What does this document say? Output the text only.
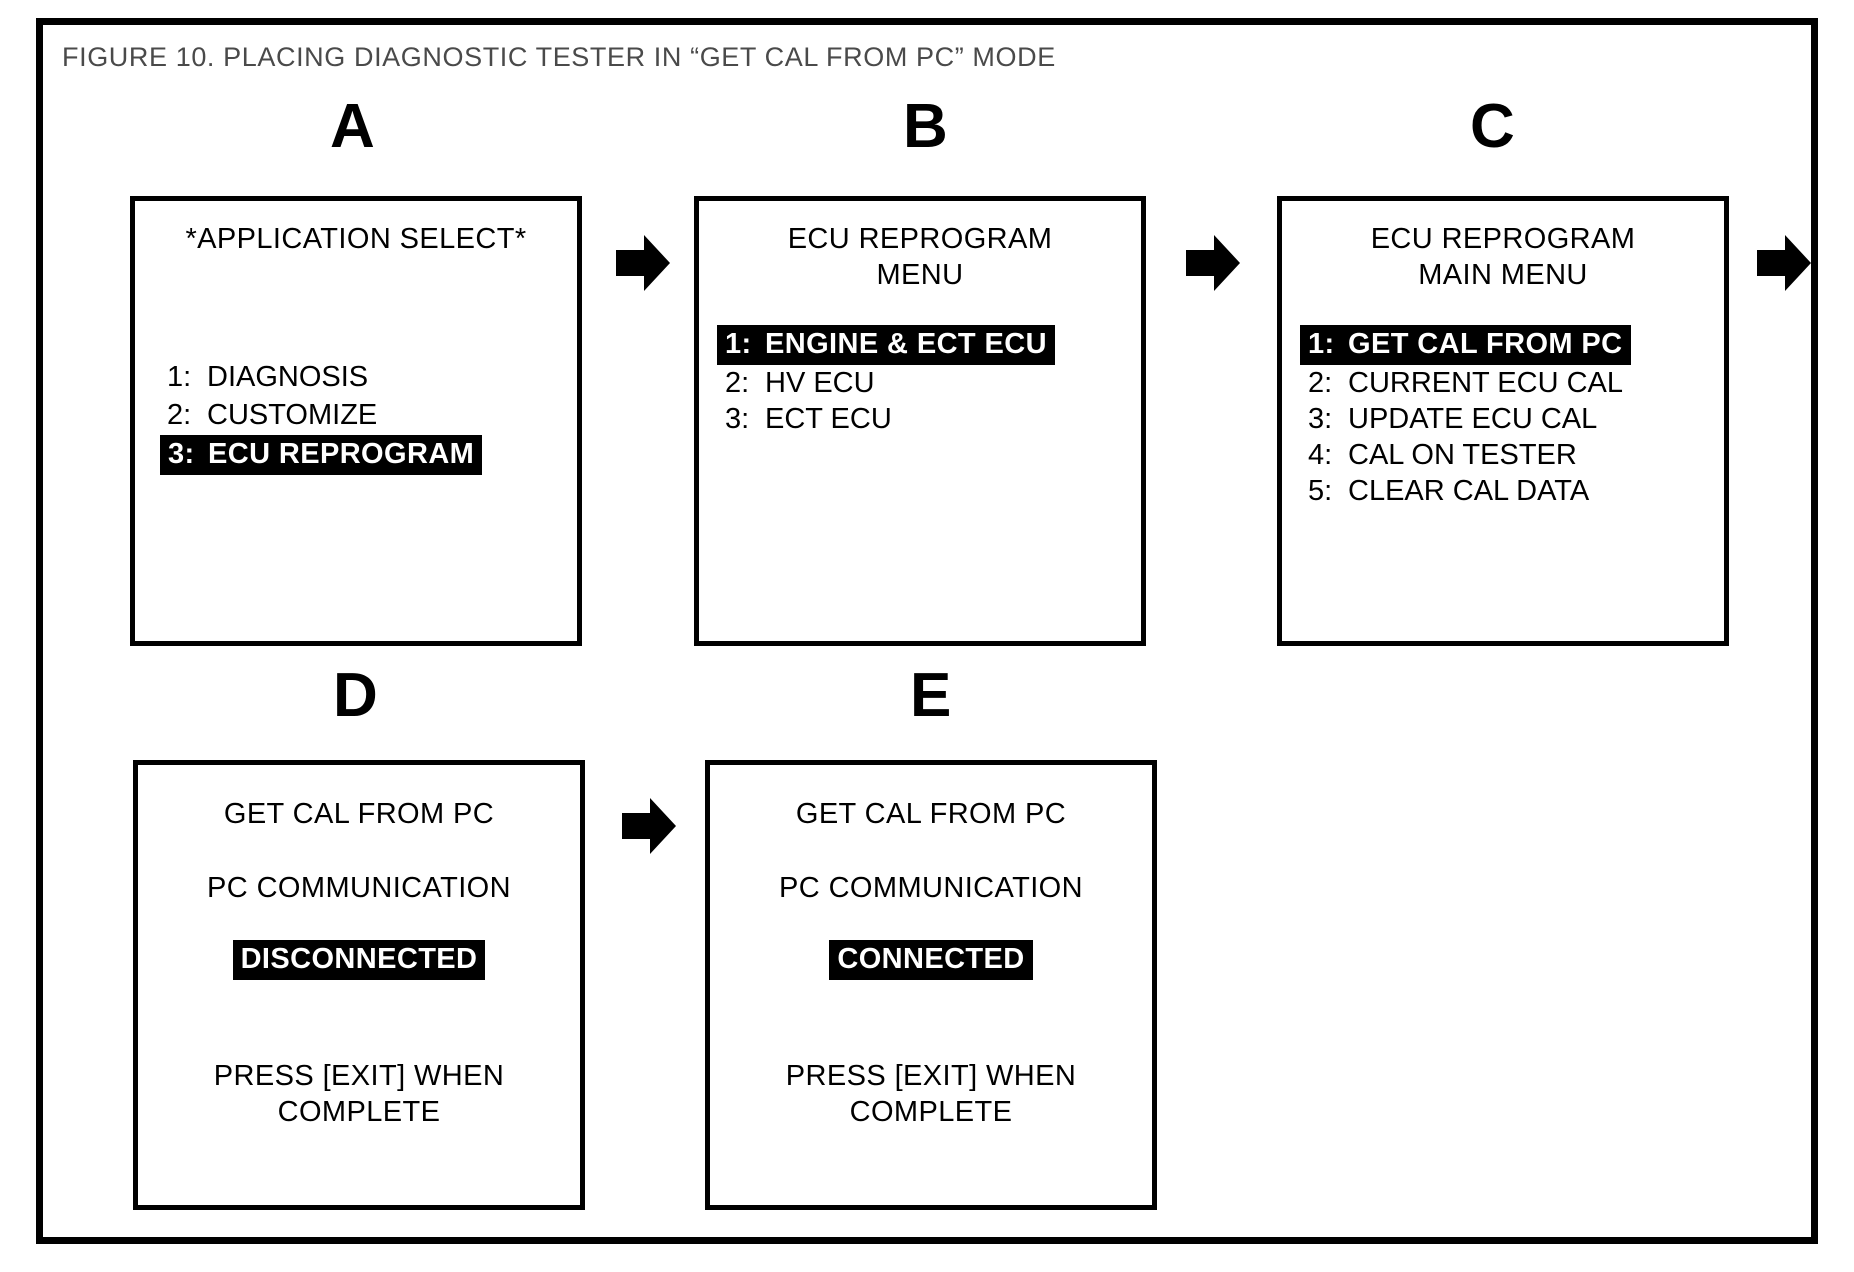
FIGURE 10. PLACING DIAGNOSTIC TESTER IN “GET CAL FROM PC” MODE
A
*APPLICATION SELECT*
1: DIAGNOSIS
2: CUSTOMIZE
3: ECU REPROGRAM
B
ECU REPROGRAM
MENU
1: ENGINE & ECT ECU
2: HV ECU
3: ECT ECU
C
ECU REPROGRAM
MAIN MENU
1: GET CAL FROM PC
2: CURRENT ECU CAL
3: UPDATE ECU CAL
4: CAL ON TESTER
5: CLEAR CAL DATA
D
GET CAL FROM PC
PC COMMUNICATION
DISCONNECTED
PRESS [EXIT] WHEN
COMPLETE
E
GET CAL FROM PC
PC COMMUNICATION
CONNECTED
PRESS [EXIT] WHEN
COMPLETE
